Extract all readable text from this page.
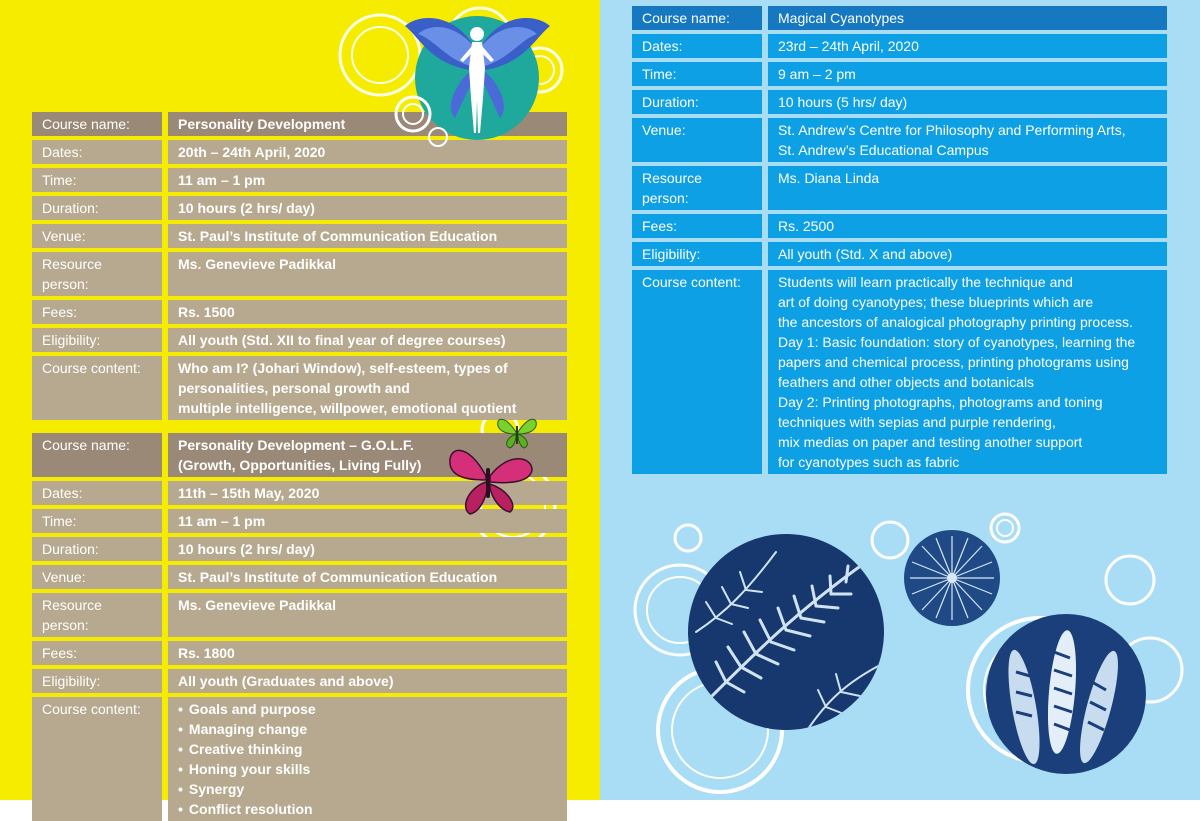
Course name:	Personality Development
Dates:	20th – 24th April, 2020
Time:	11 am – 1 pm
Duration:	10 hours (2 hrs/ day)
Venue:	St. Paul’s Institute of Communication Education
Resource person:
Ms. Genevieve Padikkal
Fees:	Rs. 1500
Eligibility:	All youth (Std. XII to final year of degree courses)
Course content:	Who am I? (Johari Window), self-esteem, types of
personalities, personal growth and
multiple intelligence, willpower, emotional quotient
Course name:	Personality Development – G.O.L.F.
(Growth, Opportunities, Living Fully)
Dates:	11th – 15th May, 2020
Time:	11 am – 1 pm
Duration:	10 hours (2 hrs/ day)
Venue:	St. Paul’s Institute of Communication Education
Resource person:
Ms. Genevieve Padikkal
Fees:	Rs. 1800
Eligibility:	All youth (Graduates and above)
Course content:
•	Goals and purpose
• Managing change
• Creative thinking
• Honing your skills
• Synergy
• Conflict resolution
Course name:	Magical Cyanotypes
Dates:	23rd – 24th April, 2020
Time:	9 am – 2 pm
Duration:	10 hours (5 hrs/ day)
Venue:	St. Andrew’s Centre for Philosophy and Performing Arts,
St. Andrew’s Educational Campus
Resource person:
Ms. Diana Linda
Fees:	Rs. 2500
Eligibility:	All youth (Std. X and above)
Course content:	Students will learn practically the technique and
art of doing cyanotypes; these blueprints which are
the ancestors of analogical photography printing process.
Day 1: Basic foundation: story of cyanotypes, learning the
papers and chemical process, printing photograms using
feathers and other objects and botanicals
Day 2: Printing photographs, photograms and toning
techniques with sepias and purple rendering,
mix medias on paper and testing another support
for cyanotypes such as fabric
